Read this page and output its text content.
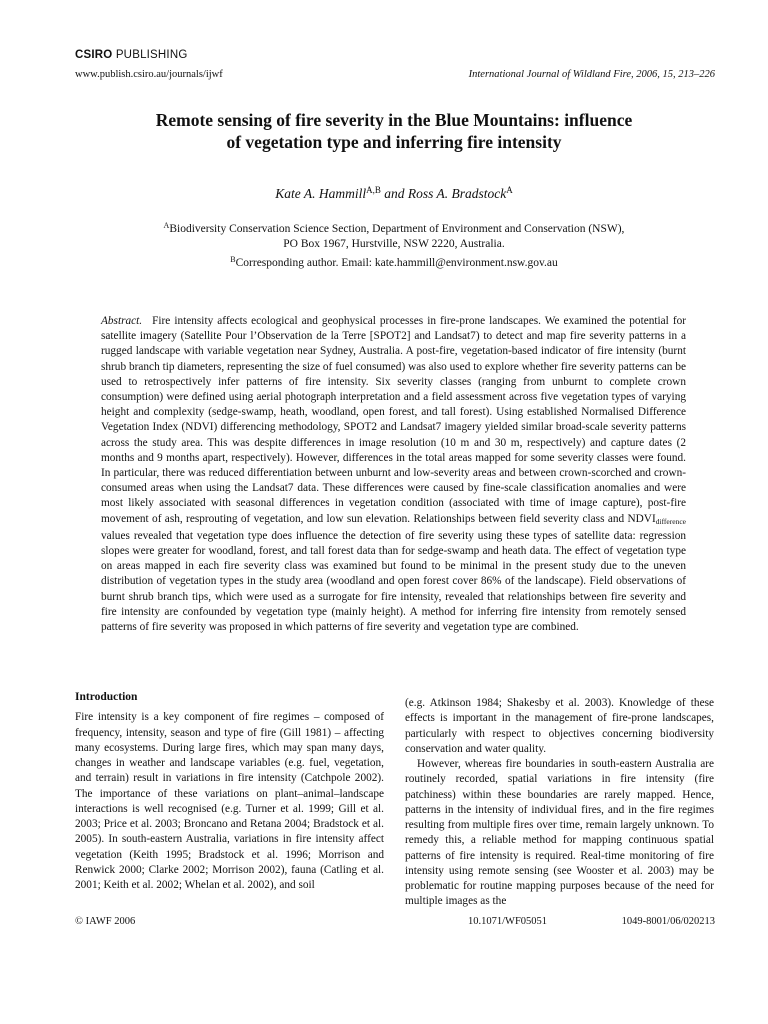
CSIRO PUBLISHING
www.publish.csiro.au/journals/ijwf	International Journal of Wildland Fire, 2006, 15, 213–226
Remote sensing of fire severity in the Blue Mountains: influence
of vegetation type and inferring fire intensity
Kate A. Hammill$^{A,B}$ and Ross A. Bradstock$^A$
$^A$Biodiversity Conservation Science Section, Department of Environment and Conservation (NSW),
PO Box 1967, Hurstville, NSW 2220, Australia.
$^B$Corresponding author. Email: kate.hammill@environment.nsw.gov.au
Abstract. Fire intensity affects ecological and geophysical processes in fire-prone landscapes. We examined the potential for satellite imagery (Satellite Pour l’Observation de la Terre [SPOT2] and Landsat7) to detect and map fire severity patterns in a rugged landscape with variable vegetation near Sydney, Australia. A post-fire, vegetation-based indicator of fire intensity (burnt shrub branch tip diameters, representing the size of fuel consumed) was also used to explore whether fire severity patterns can be used to retrospectively infer patterns of fire intensity. Six severity classes (ranging from unburnt to complete crown consumption) were defined using aerial photograph interpretation and a field assessment across five vegetation types of varying height and complexity (sedge-swamp, heath, woodland, open forest, and tall forest). Using established Normalised Difference Vegetation Index (NDVI) differencing methodology, SPOT2 and Landsat7 imagery yielded similar broad-scale severity patterns across the study area. This was despite differences in image resolution (10 m and 30 m, respectively) and capture dates (2 months and 9 months apart, respectively). However, differences in the total areas mapped for some severity classes were found. In particular, there was reduced differentiation between unburnt and low-severity areas and between crown-scorched and crown-consumed areas when using the Landsat7 data. These differences were caused by fine-scale classification anomalies and were most likely associated with seasonal differences in vegetation condition (associated with time of image capture), post-fire movement of ash, resprouting of vegetation, and low sun elevation. Relationships between field severity class and $NDVI_{difference}$ values revealed that vegetation type does influence the detection of fire severity using these types of satellite data: regression slopes were greater for woodland, forest, and tall forest data than for sedge-swamp and heath data. The effect of vegetation type on areas mapped in each fire severity class was examined but found to be minimal in the present study due to the uneven distribution of vegetation types in the study area (woodland and open forest cover 86% of the landscape). Field observations of burnt shrub branch tips, which were used as a surrogate for fire intensity, revealed that relationships between fire severity and fire intensity are confounded by vegetation type (mainly height). A method for inferring fire intensity from remotely sensed patterns of fire severity was proposed in which patterns of fire severity and vegetation type are combined.
Introduction

Fire intensity is a key component of fire regimes – composed of frequency, intensity, season and type of fire (Gill 1981) – affecting many ecosystems. During large fires, which may span many days, changes in weather and landscape variables (e.g. fuel, vegetation, and terrain) result in variations in fire intensity (Catchpole 2002). The importance of these variations on plant–animal–landscape interactions is well recognised (e.g. Turner et al. 1999; Gill et al. 2003; Price et al. 2003; Broncano and Retana 2004; Bradstock et al. 2005). In south-eastern Australia, variations in fire intensity affect vegetation (Keith 1995; Bradstock et al. 1996; Morrison and Renwick 2000; Clarke 2002; Morrison 2002), fauna (Catling et al. 2001; Keith et al. 2002; Whelan et al. 2002), and soil

(e.g. Atkinson 1984; Shakesby et al. 2003). Knowledge of these effects is important in the management of fire-prone landscapes, particularly with respect to objectives concerning biodiversity conservation and water quality.

However, whereas fire boundaries in south-eastern Australia are routinely recorded, spatial variations in fire intensity (fire patchiness) within these boundaries are rarely mapped. Hence, patterns in the intensity of individual fires, and in the fire regimes resulting from multiple fires over time, remain largely unknown. To remedy this, a reliable method for mapping continuous spatial patterns of fire intensity is required. Real-time monitoring of fire intensity using remote sensing (see Wooster et al. 2003) may be problematic for routine mapping purposes because of the need for multiple images as the

© IAWF 2006	10.1071/WF05051	1049-8001/06/020213
